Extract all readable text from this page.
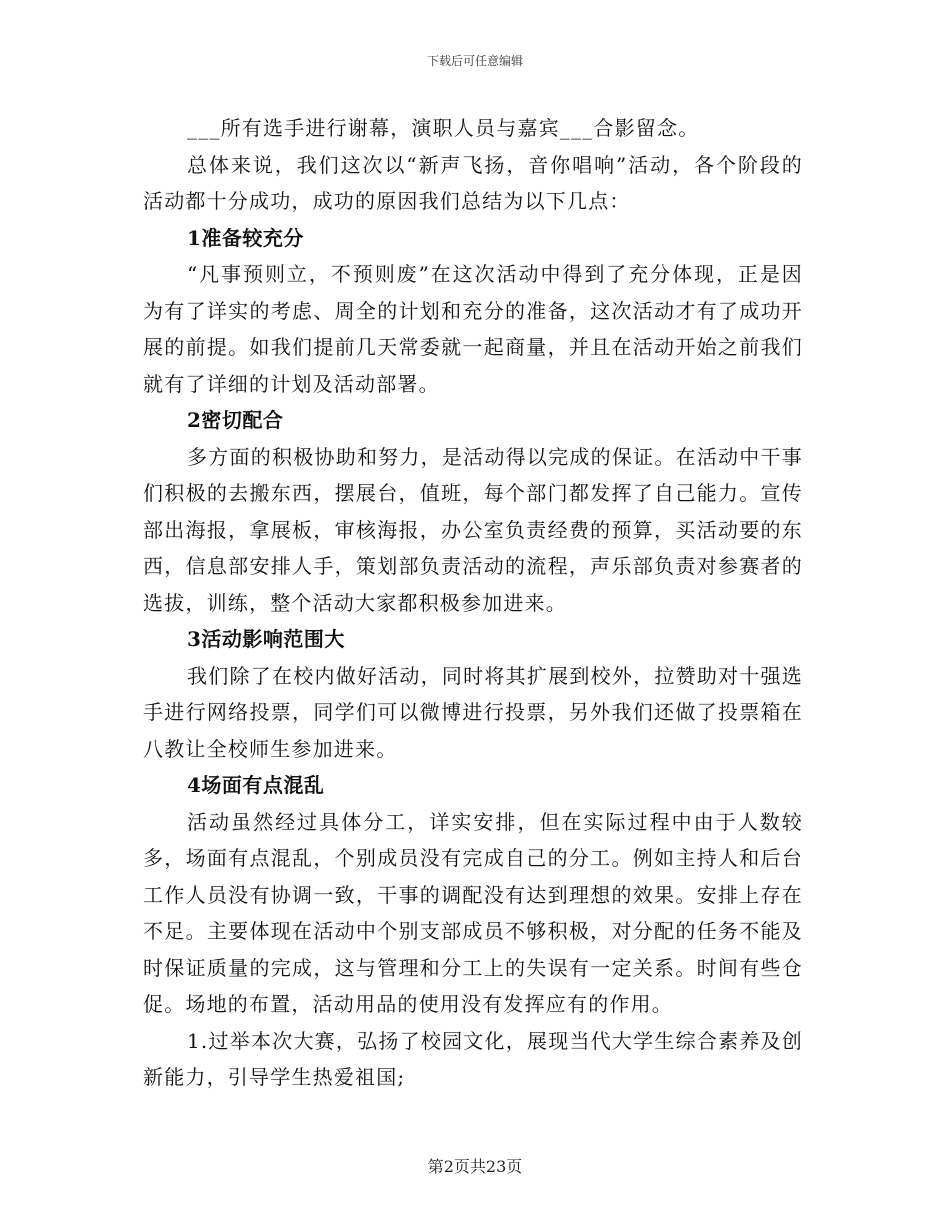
下载后可任意编辑

___所有选手进行谢幕，演职人员与嘉宾___合影留念。

总体来说，我们这次以“新声飞扬，音你唱响”活动，各个阶段的活动都十分成功，成功的原因我们总结为以下几点：

1准备较充分

“凡事预则立，不预则废”在这次活动中得到了充分体现，正是因为有了详实的考虑、周全的计划和充分的准备，这次活动才有了成功开展的前提。如我们提前几天常委就一起商量，并且在活动开始之前我们就有了详细的计划及活动部署。

2密切配合

多方面的积极协助和努力，是活动得以完成的保证。在活动中干事们积极的去搬东西，摆展台，值班，每个部门都发挥了自己能力。宣传部出海报，拿展板，审核海报，办公室负责经费的预算，买活动要的东西，信息部安排人手，策划部负责活动的流程，声乐部负责对参赛者的选拔，训练，整个活动大家都积极参加进来。

3活动影响范围大

我们除了在校内做好活动，同时将其扩展到校外，拉赞助对十强选手进行网络投票，同学们可以微博进行投票，另外我们还做了投票箱在八教让全校师生参加进来。

4场面有点混乱

活动虽然经过具体分工，详实安排，但在实际过程中由于人数较多，场面有点混乱，个别成员没有完成自己的分工。例如主持人和后台工作人员没有协调一致，干事的调配没有达到理想的效果。安排上存在不足。主要体现在活动中个别支部成员不够积极，对分配的任务不能及时保证质量的完成，这与管理和分工上的失误有一定关系。时间有些仓促。场地的布置，活动用品的使用没有发挥应有的作用。

1.过举本次大赛，弘扬了校园文化，展现当代大学生综合素养及创新能力，引导学生热爱祖国;

第2页共23页
